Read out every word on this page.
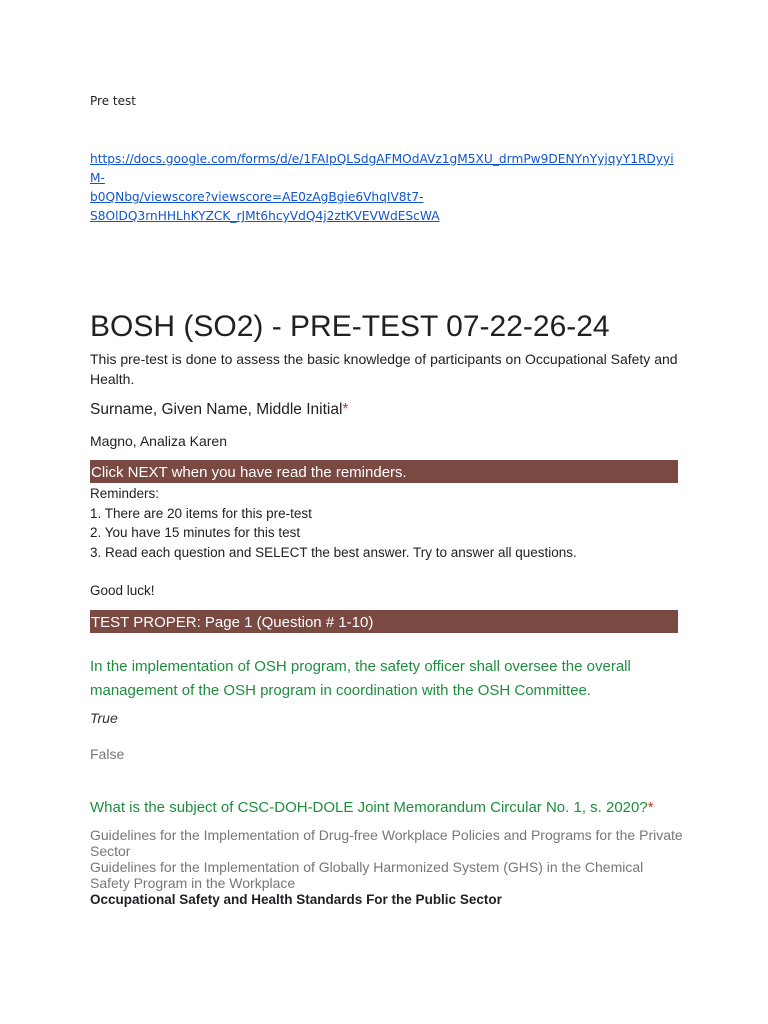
Pre test
https://docs.google.com/forms/d/e/1FAIpQLSdgAFMOdAVz1gM5XU_drmPw9DENYnYyjqyY1RDyyiM-
b0QNbg/viewscore?viewscore=AE0zAgBgie6VhqIV8t7-
S8OlDQ3rnHHLhKYZCK_rJMt6hcyVdQ4j2ztKVEVWdEScWA
BOSH (SO2) - PRE-TEST 07-22-26-24
This pre-test is done to assess the basic knowledge of participants on Occupational Safety and Health.
Surname, Given Name, Middle Initial*
Magno, Analiza Karen
Click NEXT when you have read the reminders.
Reminders:
1. There are 20 items for this pre-test
2. You have 15 minutes for this test
3. Read each question and SELECT the best answer. Try to answer all questions.
Good luck!
TEST PROPER: Page 1 (Question # 1-10)
In the implementation of OSH program, the safety officer shall oversee the overall management of the OSH program in coordination with the OSH Committee.
True
False
What is the subject of CSC-DOH-DOLE Joint Memorandum Circular No. 1, s. 2020?*
Guidelines for the Implementation of Drug-free Workplace Policies and Programs for the Private Sector
Guidelines for the Implementation of Globally Harmonized System (GHS) in the Chemical Safety Program in the Workplace
Occupational Safety and Health Standards For the Public Sector
